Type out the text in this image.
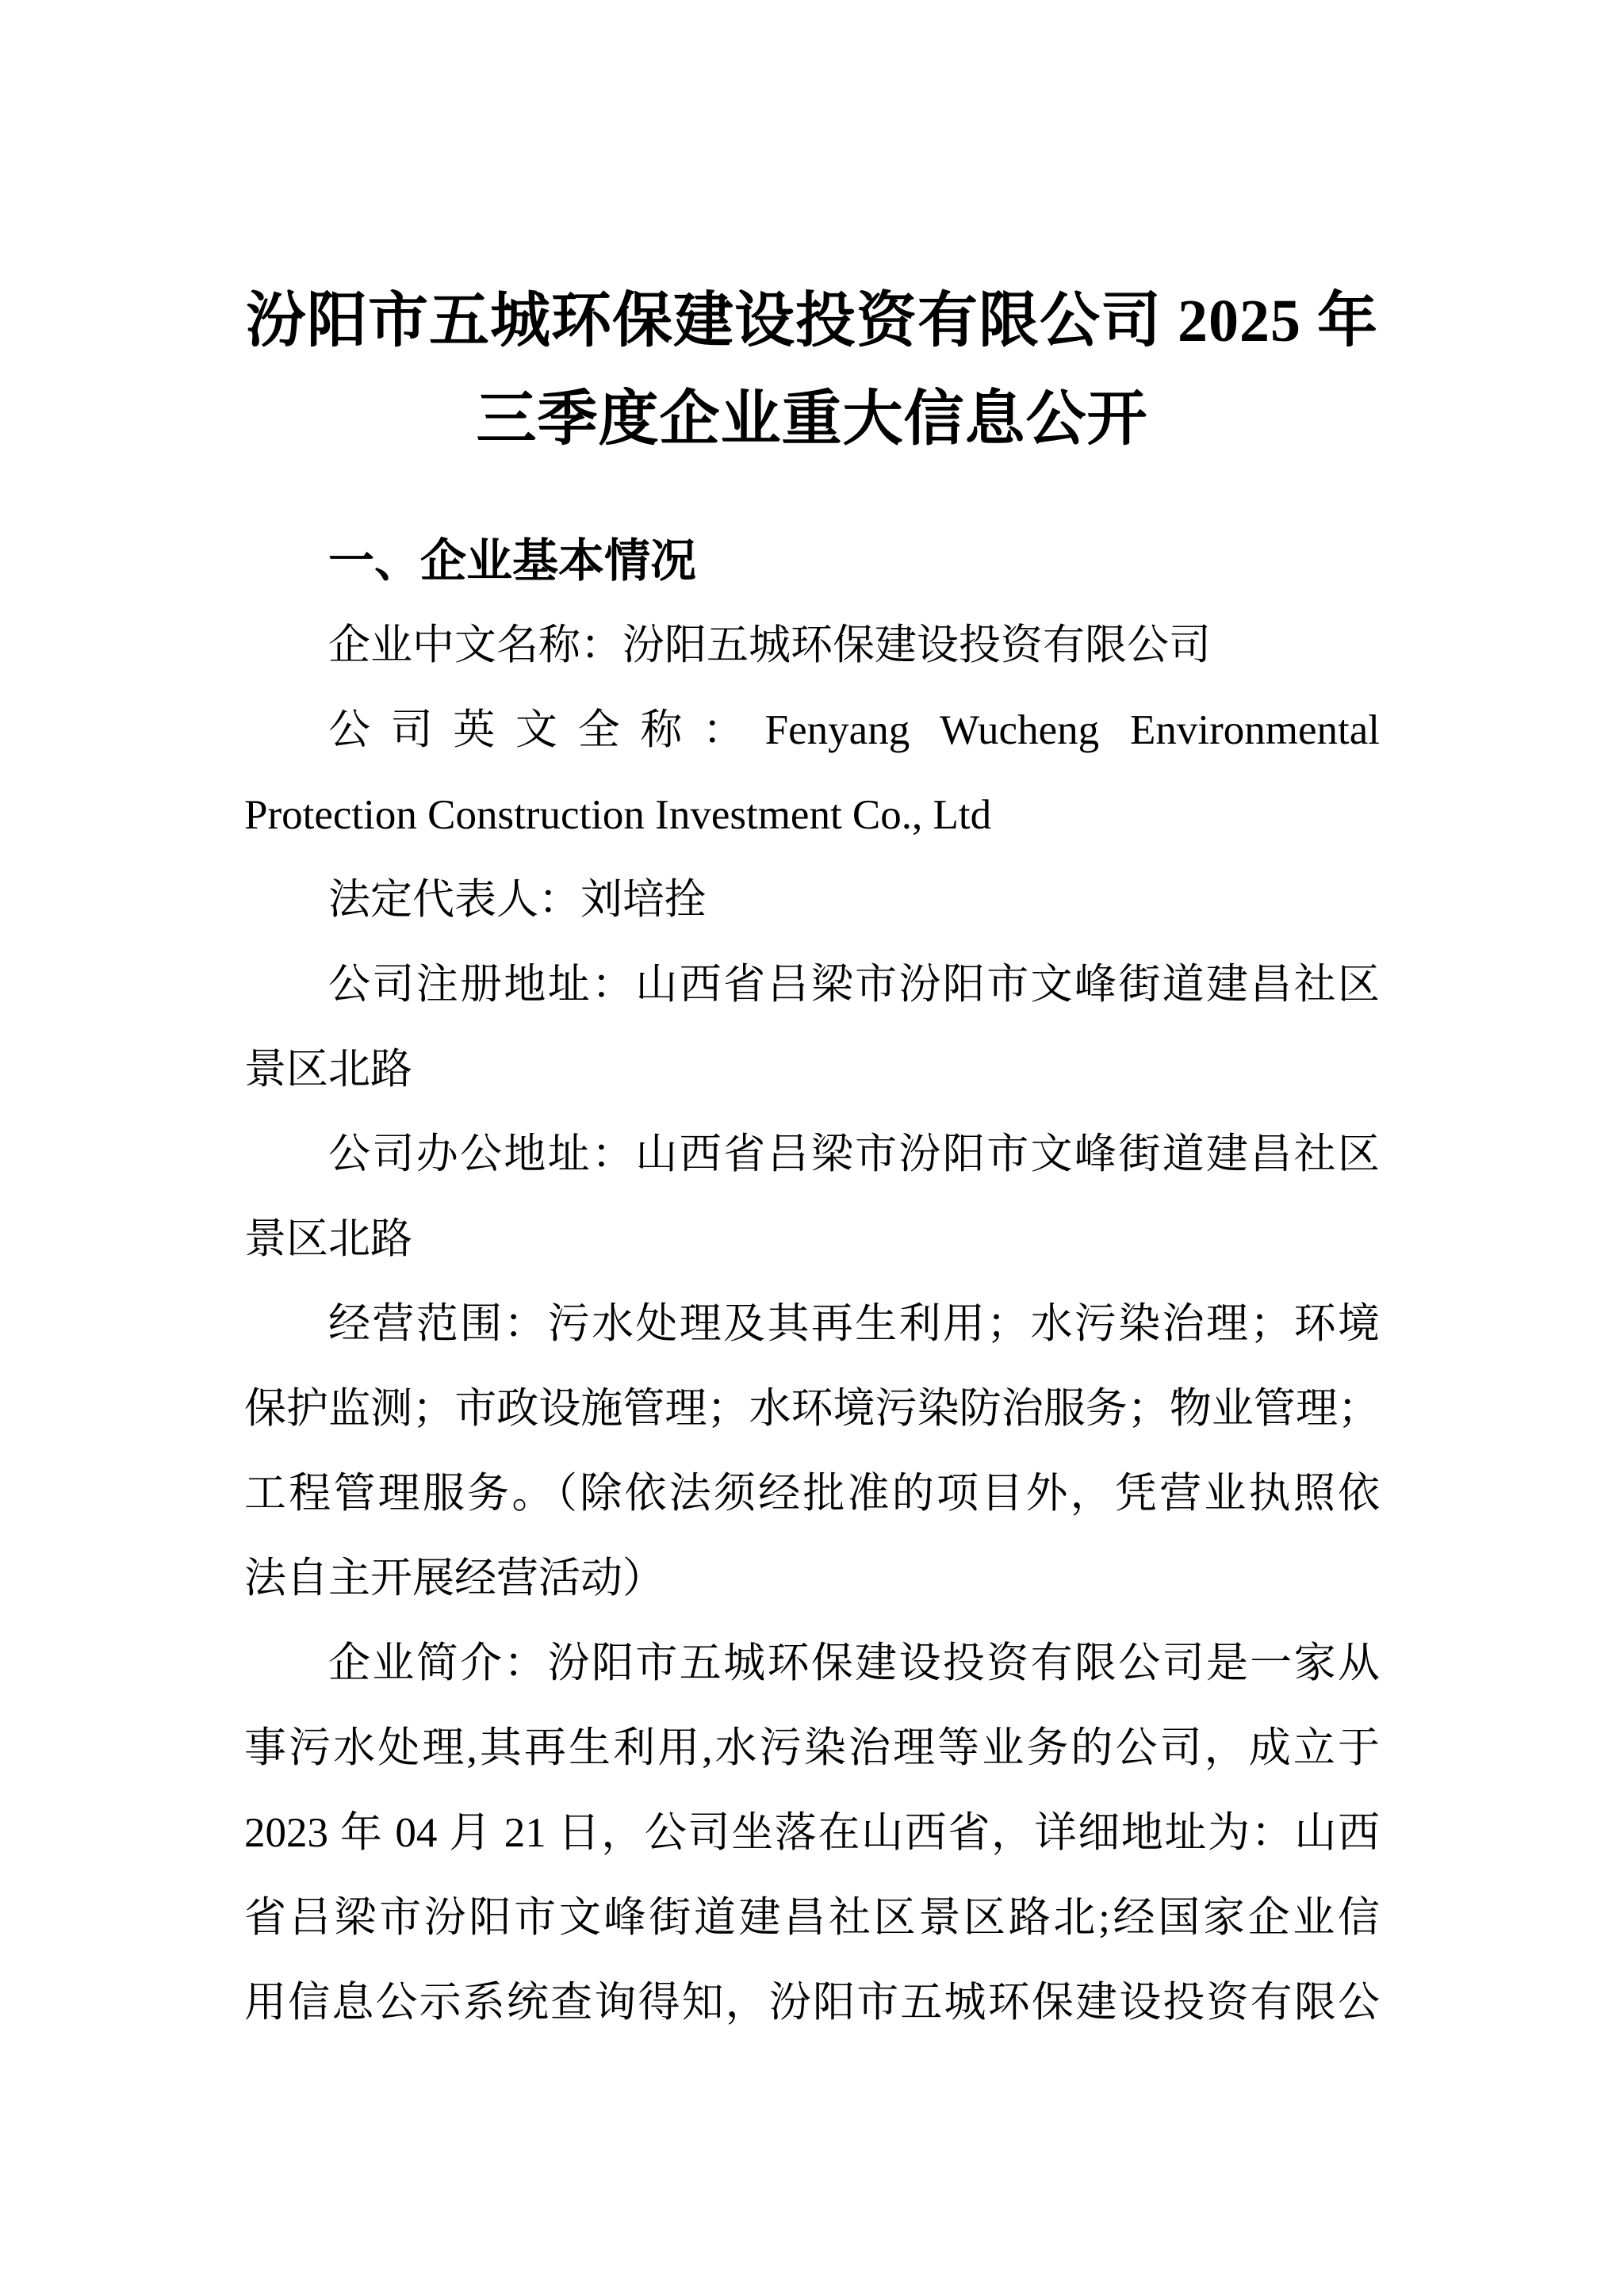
汾阳市五城环保建设投资有限公司 2025 年
三季度企业重大信息公开
一、企业基本情况
企业中文名称：汾阳五城环保建设投资有限公司
公司英文全称：Fenyang Wucheng Environmental
Protection Construction Investment Co., Ltd
法定代表人：刘培拴
公司注册地址：山西省吕梁市汾阳市文峰街道建昌社区
景区北路
公司办公地址：山西省吕梁市汾阳市文峰街道建昌社区
景区北路
经营范围：污水处理及其再生利用；水污染治理；环境
保护监测；市政设施管理；水环境污染防治服务；物业管理；
工程管理服务。（除依法须经批准的项目外，凭营业执照依
法自主开展经营活动）
企业简介：汾阳市五城环保建设投资有限公司是一家从
事污水处理,其再生利用,水污染治理等业务的公司，成立于
2023 年 04 月 21 日，公司坐落在山西省，详细地址为：山西
省吕梁市汾阳市文峰街道建昌社区景区路北;经国家企业信
用信息公示系统查询得知，汾阳市五城环保建设投资有限公
